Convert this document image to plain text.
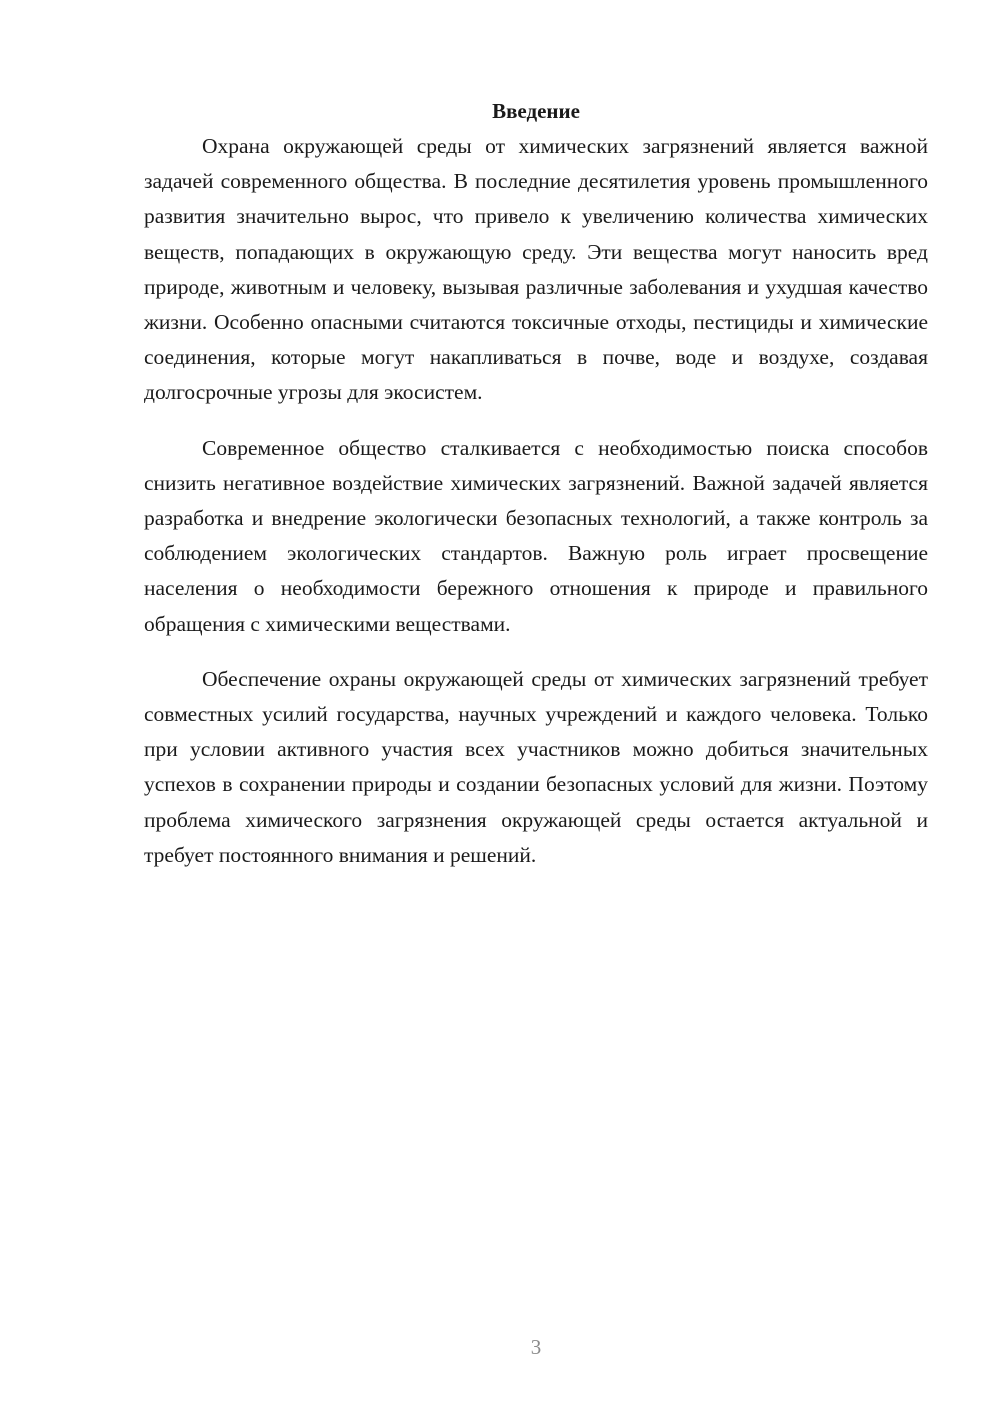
Введение

Охрана окружающей среды от химических загрязнений является важной задачей современного общества. В последние десятилетия уровень промышленного развития значительно вырос, что привело к увеличению количества химических веществ, попадающих в окружающую среду. Эти вещества могут наносить вред природе, животным и человеку, вызывая различные заболевания и ухудшая качество жизни. Особенно опасными считаются токсичные отходы, пестициды и химические соединения, которые могут накапливаться в почве, воде и воздухе, создавая долгосрочные угрозы для экосистем.

Современное общество сталкивается с необходимостью поиска способов снизить негативное воздействие химических загрязнений. Важной задачей является разработка и внедрение экологически безопасных технологий, а также контроль за соблюдением экологических стандартов. Важную роль играет просвещение населения о необходимости бережного отношения к природе и правильного обращения с химическими веществами.

Обеспечение охраны окружающей среды от химических загрязнений требует совместных усилий государства, научных учреждений и каждого человека. Только при условии активного участия всех участников можно добиться значительных успехов в сохранении природы и создании безопасных условий для жизни. Поэтому проблема химического загрязнения окружающей среды остается актуальной и требует постоянного внимания и решений.

3
